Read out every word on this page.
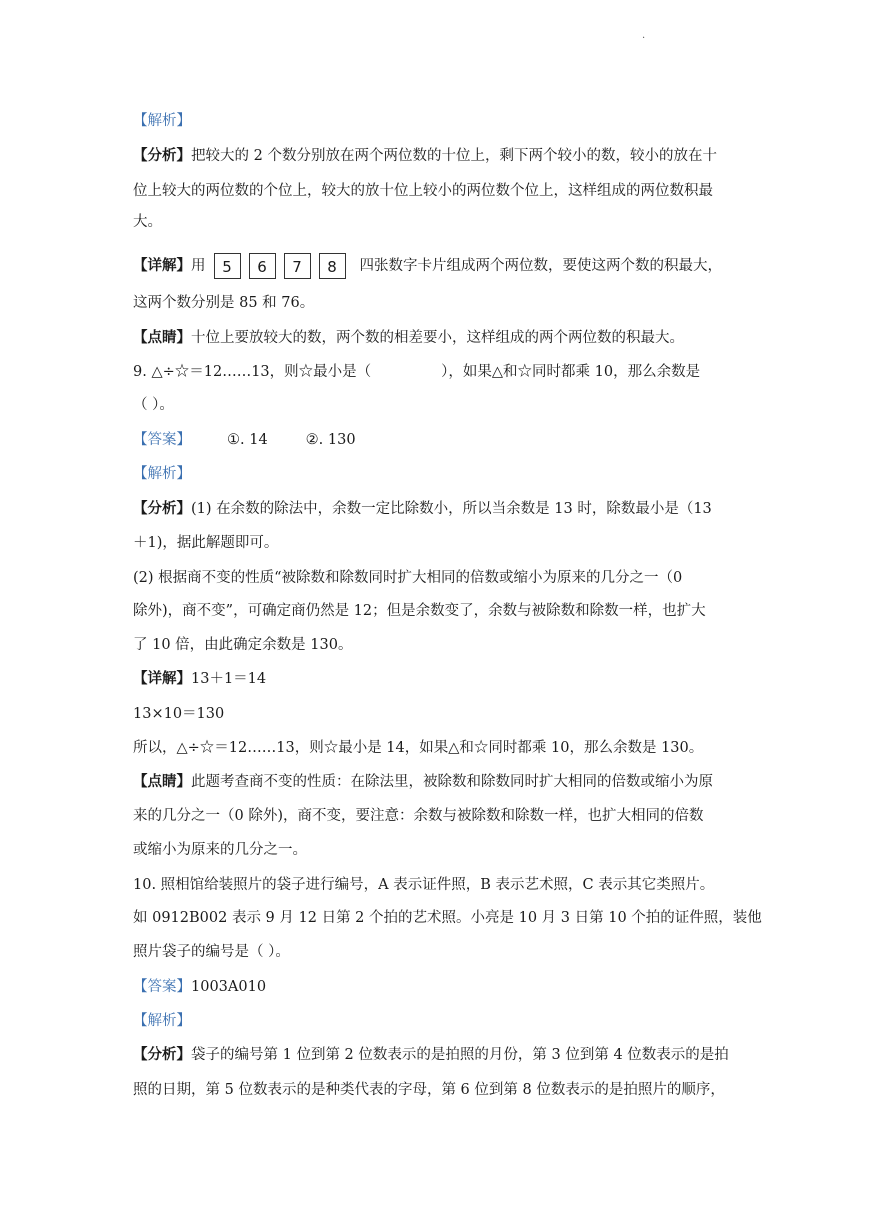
.
【解析】
【分析】把较大的 2 个数分别放在两个两位数的十位上，剩下两个较小的数，较小的放在十
位上较大的两位数的个位上，较大的放十位上较小的两位数个位上，这样组成的两位数积最
大。
【详解】用 5 6 7 8 四张数字卡片组成两个两位数，要使这两个数的积最大，
这两个数分别是 85 和 76。
【点睛】十位上要放较大的数，两个数的相差要小，这样组成的两个两位数的积最大。
9. △÷☆＝12……13，则☆最小是（	），如果△和☆同时都乘 10，那么余数是
（ ）。
【答案】 ①. 14	②. 130
【解析】
【分析】(1) 在余数的除法中，余数一定比除数小，所以当余数是 13 时，除数最小是（13
＋1)，据此解题即可。
(2) 根据商不变的性质“被除数和除数同时扩大相同的倍数或缩小为原来的几分之一（0
除外)，商不变”，可确定商仍然是 12；但是余数变了，余数与被除数和除数一样，也扩大
了 10 倍，由此确定余数是 130。
【详解】13＋1＝14
13×10＝130
所以，△÷☆＝12……13，则☆最小是 14，如果△和☆同时都乘 10，那么余数是 130。
【点睛】此题考查商不变的性质：在除法里，被除数和除数同时扩大相同的倍数或缩小为原
来的几分之一（0 除外)，商不变，要注意：余数与被除数和除数一样，也扩大相同的倍数
或缩小为原来的几分之一。
10. 照相馆给装照片的袋子进行编号，A 表示证件照，B 表示艺术照，C 表示其它类照片。
如 0912B002 表示 9 月 12 日第 2 个拍的艺术照。小亮是 10 月 3 日第 10 个拍的证件照，装他
照片袋子的编号是（ ）。
【答案】1003A010
【解析】
【分析】袋子的编号第 1 位到第 2 位数表示的是拍照的月份，第 3 位到第 4 位数表示的是拍
照的日期，第 5 位数表示的是种类代表的字母，第 6 位到第 8 位数表示的是拍照片的顺序，
